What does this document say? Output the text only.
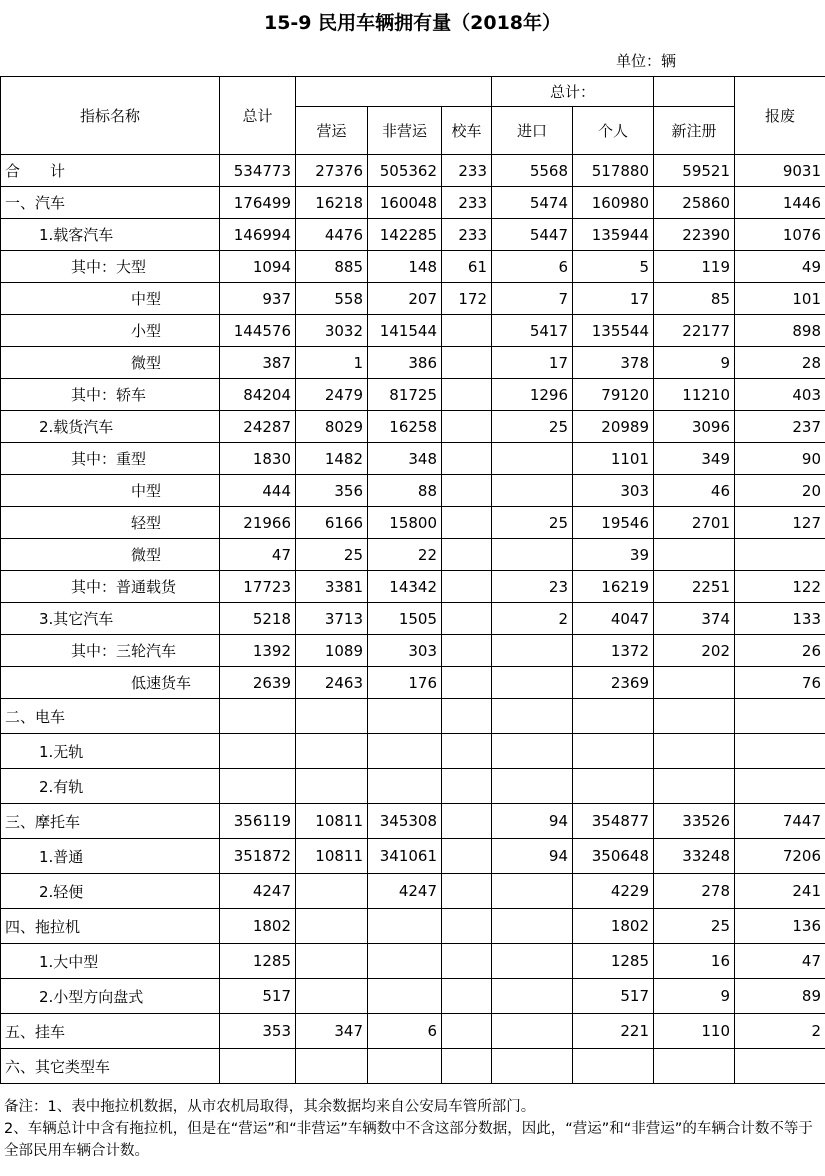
15-9 民用车辆拥有量（2018年）
单位：辆
指标名称	总计				总计：			报废
		营运	非营运	校车	进口	个人	新注册	
合　　计	534773	27376	505362	233	5568	517880	59521	9031
一、汽车	176499	16218	160048	233	5474	160980	25860	1446
1.载客汽车	146994	4476	142285	233	5447	135944	22390	1076
其中：大型	1094	885	148	61	6	5	119	49
中型	937	558	207	172	7	17	85	101
小型	144576	3032	141544		5417	135544	22177	898
微型	387	1	386		17	378	9	28
其中：轿车	84204	2479	81725		1296	79120	11210	403
2.载货汽车	24287	8029	16258		25	20989	3096	237
其中：重型	1830	1482	348			1101	349	90
中型	444	356	88			303	46	20
轻型	21966	6166	15800		25	19546	2701	127
微型	47	25	22			39		
其中：普通载货	17723	3381	14342		23	16219	2251	122
3.其它汽车	5218	3713	1505		2	4047	374	133
其中：三轮汽车	1392	1089	303			1372	202	26
低速货车	2639	2463	176			2369		76
二、电车								
1.无轨								
2.有轨								
三、摩托车	356119	10811	345308		94	354877	33526	7447
1.普通	351872	10811	341061		94	350648	33248	7206
2.轻便	4247		4247			4229	278	241
四、拖拉机	1802					1802	25	136
1.大中型	1285					1285	16	47
2.小型方向盘式	517					517	9	89
五、挂车	353	347	6			221	110	2
六、其它类型车								
备注：1、表中拖拉机数据，从市农机局取得，其余数据均来自公安局车管所部门。
2、车辆总计中含有拖拉机，但是在“营运”和“非营运”车辆数中不含这部分数据，因此，“营运”和“非营运”的车辆合计数不等于全部民用车辆合计数。
